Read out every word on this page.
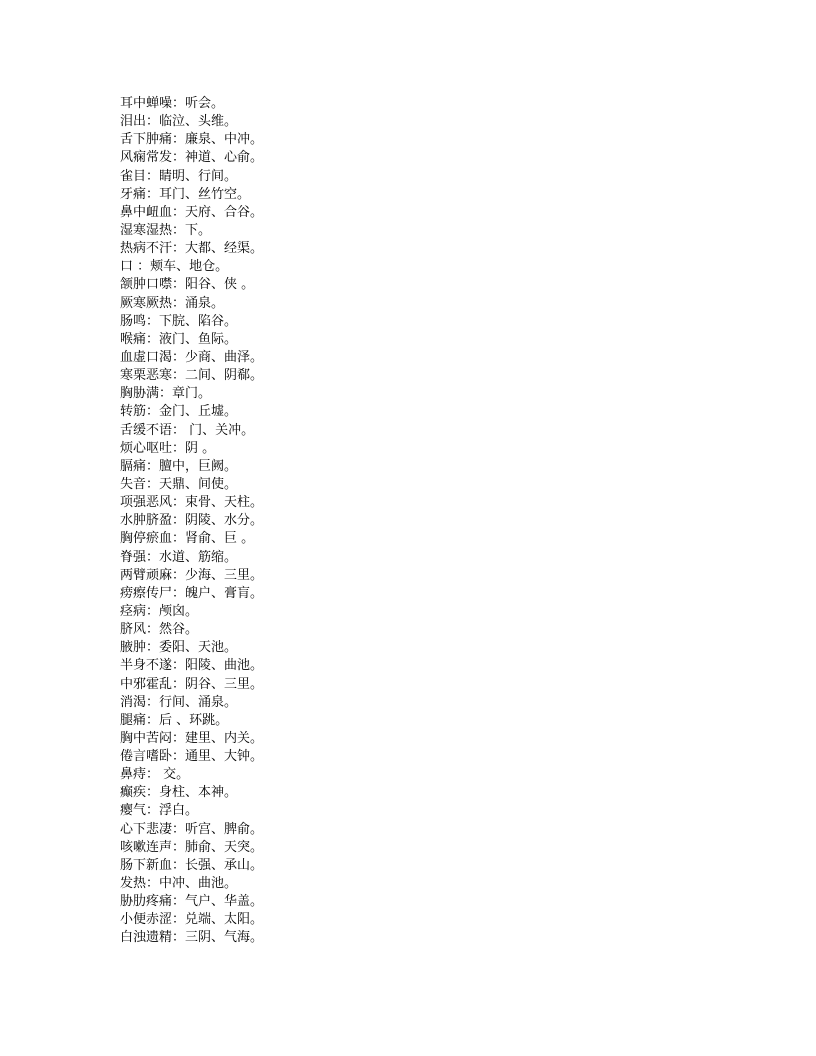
耳中蝉噪：听会。
泪出：临泣、头维。
舌下肿痛：廉泉、中冲。
风痫常发：神道、心俞。
雀目：睛明、行间。
牙痛：耳门、丝竹空。
鼻中衄血：天府、合谷。
湿寒湿热：下。
热病不汗：大都、经渠。
口 ：颊车、地仓。
颔肿口噤：阳谷、侠 。
厥寒厥热：涌泉。
肠鸣：下脘、陷谷。
喉痛：液门、鱼际。
血虚口渴：少商、曲泽。
寒栗恶寒：二间、阴郗。
胸胁满：章门。
转筋：金门、丘墟。
舌缓不语： 门、关冲。
烦心呕吐：阴 。
膈痛：膻中，巨阙。
失音：天鼎、间使。
项强恶风：束骨、天柱。
水肿脐盈：阴陵、水分。
胸停瘀血：肾俞、巨 。
脊强：水道、筋缩。
两臂顽麻：少海、三里。
痨瘵传尸：魄户、膏肓。
痉病：颅囟。
脐风：然谷。
腋肿：委阳、天池。
半身不遂：阳陵、曲池。
中邪霍乱：阴谷、三里。
消渴：行间、涌泉。
腿痛：后 、环跳。
胸中苦闷：建里、内关。
倦言嗜卧：通里、大钟。
鼻痔： 交。
癫疾：身柱、本神。
瘿气：浮白。
心下悲凄：听宫、脾俞。
咳嗽连声：肺俞、天突。
肠下新血：长强、承山。
发热：中冲、曲池。
胁肋疼痛：气户、华盖。
小便赤涩：兑端、太阳。
白浊遗精：三阴、气海。
